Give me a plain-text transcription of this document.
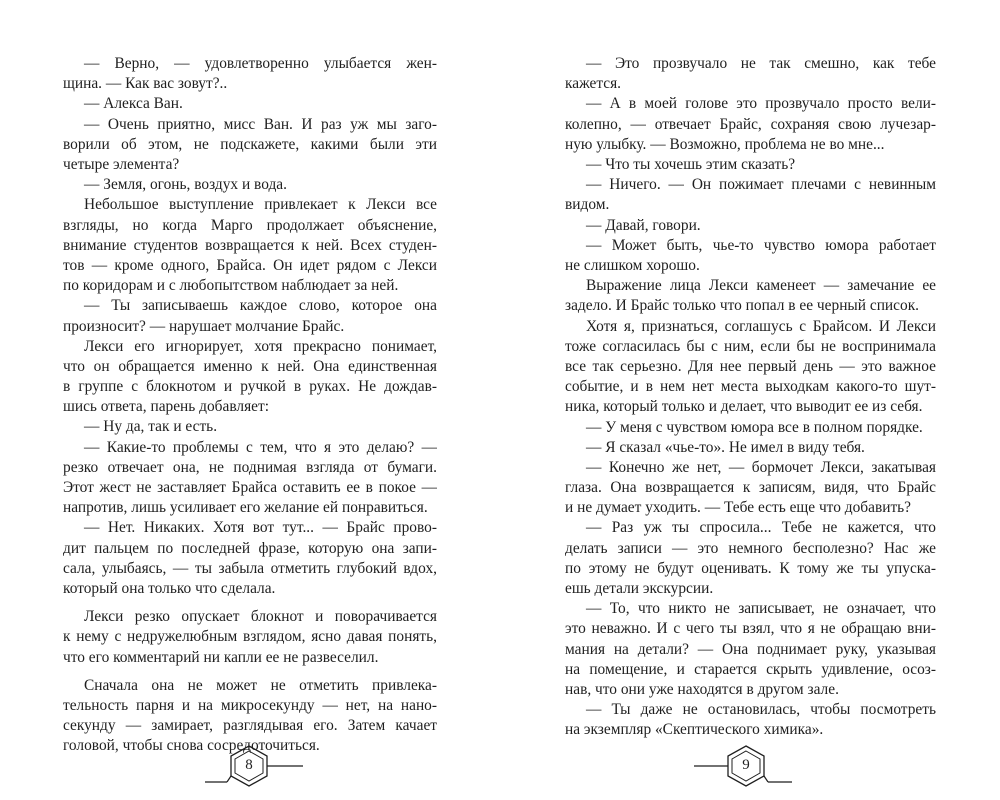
— Верно, — удовлетворенно улыбается жен-
щина. — Как вас зовут?..
— Алекса Ван.
— Очень приятно, мисс Ван. И раз уж мы заго-
ворили об этом, не подскажете, какими были эти
четыре элемента?
— Земля, огонь, воздух и вода.
Небольшое выступление привлекает к Лекси все
взгляды, но когда Марго продолжает объяснение,
внимание студентов возвращается к ней. Всех студен-
тов — кроме одного, Брайса. Он идет рядом с Лекси
по коридорам и с любопытством наблюдает за ней.
— Ты записываешь каждое слово, которое она
произносит? — нарушает молчание Брайс.
Лекси его игнорирует, хотя прекрасно понимает,
что он обращается именно к ней. Она единственная
в группе с блокнотом и ручкой в руках. Не дождав-
шись ответа, парень добавляет:
— Ну да, так и есть.
— Какие-то проблемы с тем, что я это делаю? —
резко отвечает она, не поднимая взгляда от бумаги.
Этот жест не заставляет Брайса оставить ее в покое —
напротив, лишь усиливает его желание ей понравиться.
— Нет. Никаких. Хотя вот тут... — Брайс прово-
дит пальцем по последней фразе, которую она запи-
сала, улыбаясь, — ты забыла отметить глубокий вдох,
который она только что сделала.
Лекси резко опускает блокнот и поворачивается
к нему с недружелюбным взглядом, ясно давая понять,
что его комментарий ни капли ее не развеселил.
Сначала она не может не отметить привлека-
тельность парня и на микросекунду — нет, на нано-
секунду — замирает, разглядывая его. Затем качает
головой, чтобы снова сосредоточиться.
— Это прозвучало не так смешно, как тебе
кажется.
— А в моей голове это прозвучало просто вели-
колепно, — отвечает Брайс, сохраняя свою лучезар-
ную улыбку. — Возможно, проблема не во мне...
— Что ты хочешь этим сказать?
— Ничего. — Он пожимает плечами с невинным
видом.
— Давай, говори.
— Может быть, чье-то чувство юмора работает
не слишком хорошо.
Выражение лица Лекси каменеет — замечание ее
задело. И Брайс только что попал в ее черный список.
Хотя я, признаться, соглашусь с Брайсом. И Лекси
тоже согласилась бы с ним, если бы не воспринимала
все так серьезно. Для нее первый день — это важное
событие, и в нем нет места выходкам какого-то шут-
ника, который только и делает, что выводит ее из себя.
— У меня с чувством юмора все в полном порядке.
— Я сказал «чье-то». Не имел в виду тебя.
— Конечно же нет, — бормочет Лекси, закатывая
глаза. Она возвращается к записям, видя, что Брайс
и не думает уходить. — Тебе есть еще что добавить?
— Раз уж ты спросила... Тебе не кажется, что
делать записи — это немного бесполезно? Нас же
по этому не будут оценивать. К тому же ты упуска-
ешь детали экскурсии.
— То, что никто не записывает, не означает, что
это неважно. И с чего ты взял, что я не обращаю вни-
мания на детали? — Она поднимает руку, указывая
на помещение, и старается скрыть удивление, осоз-
нав, что они уже находятся в другом зале.
— Ты даже не остановилась, чтобы посмотреть
на экземпляр «Скептического химика».
8	9
